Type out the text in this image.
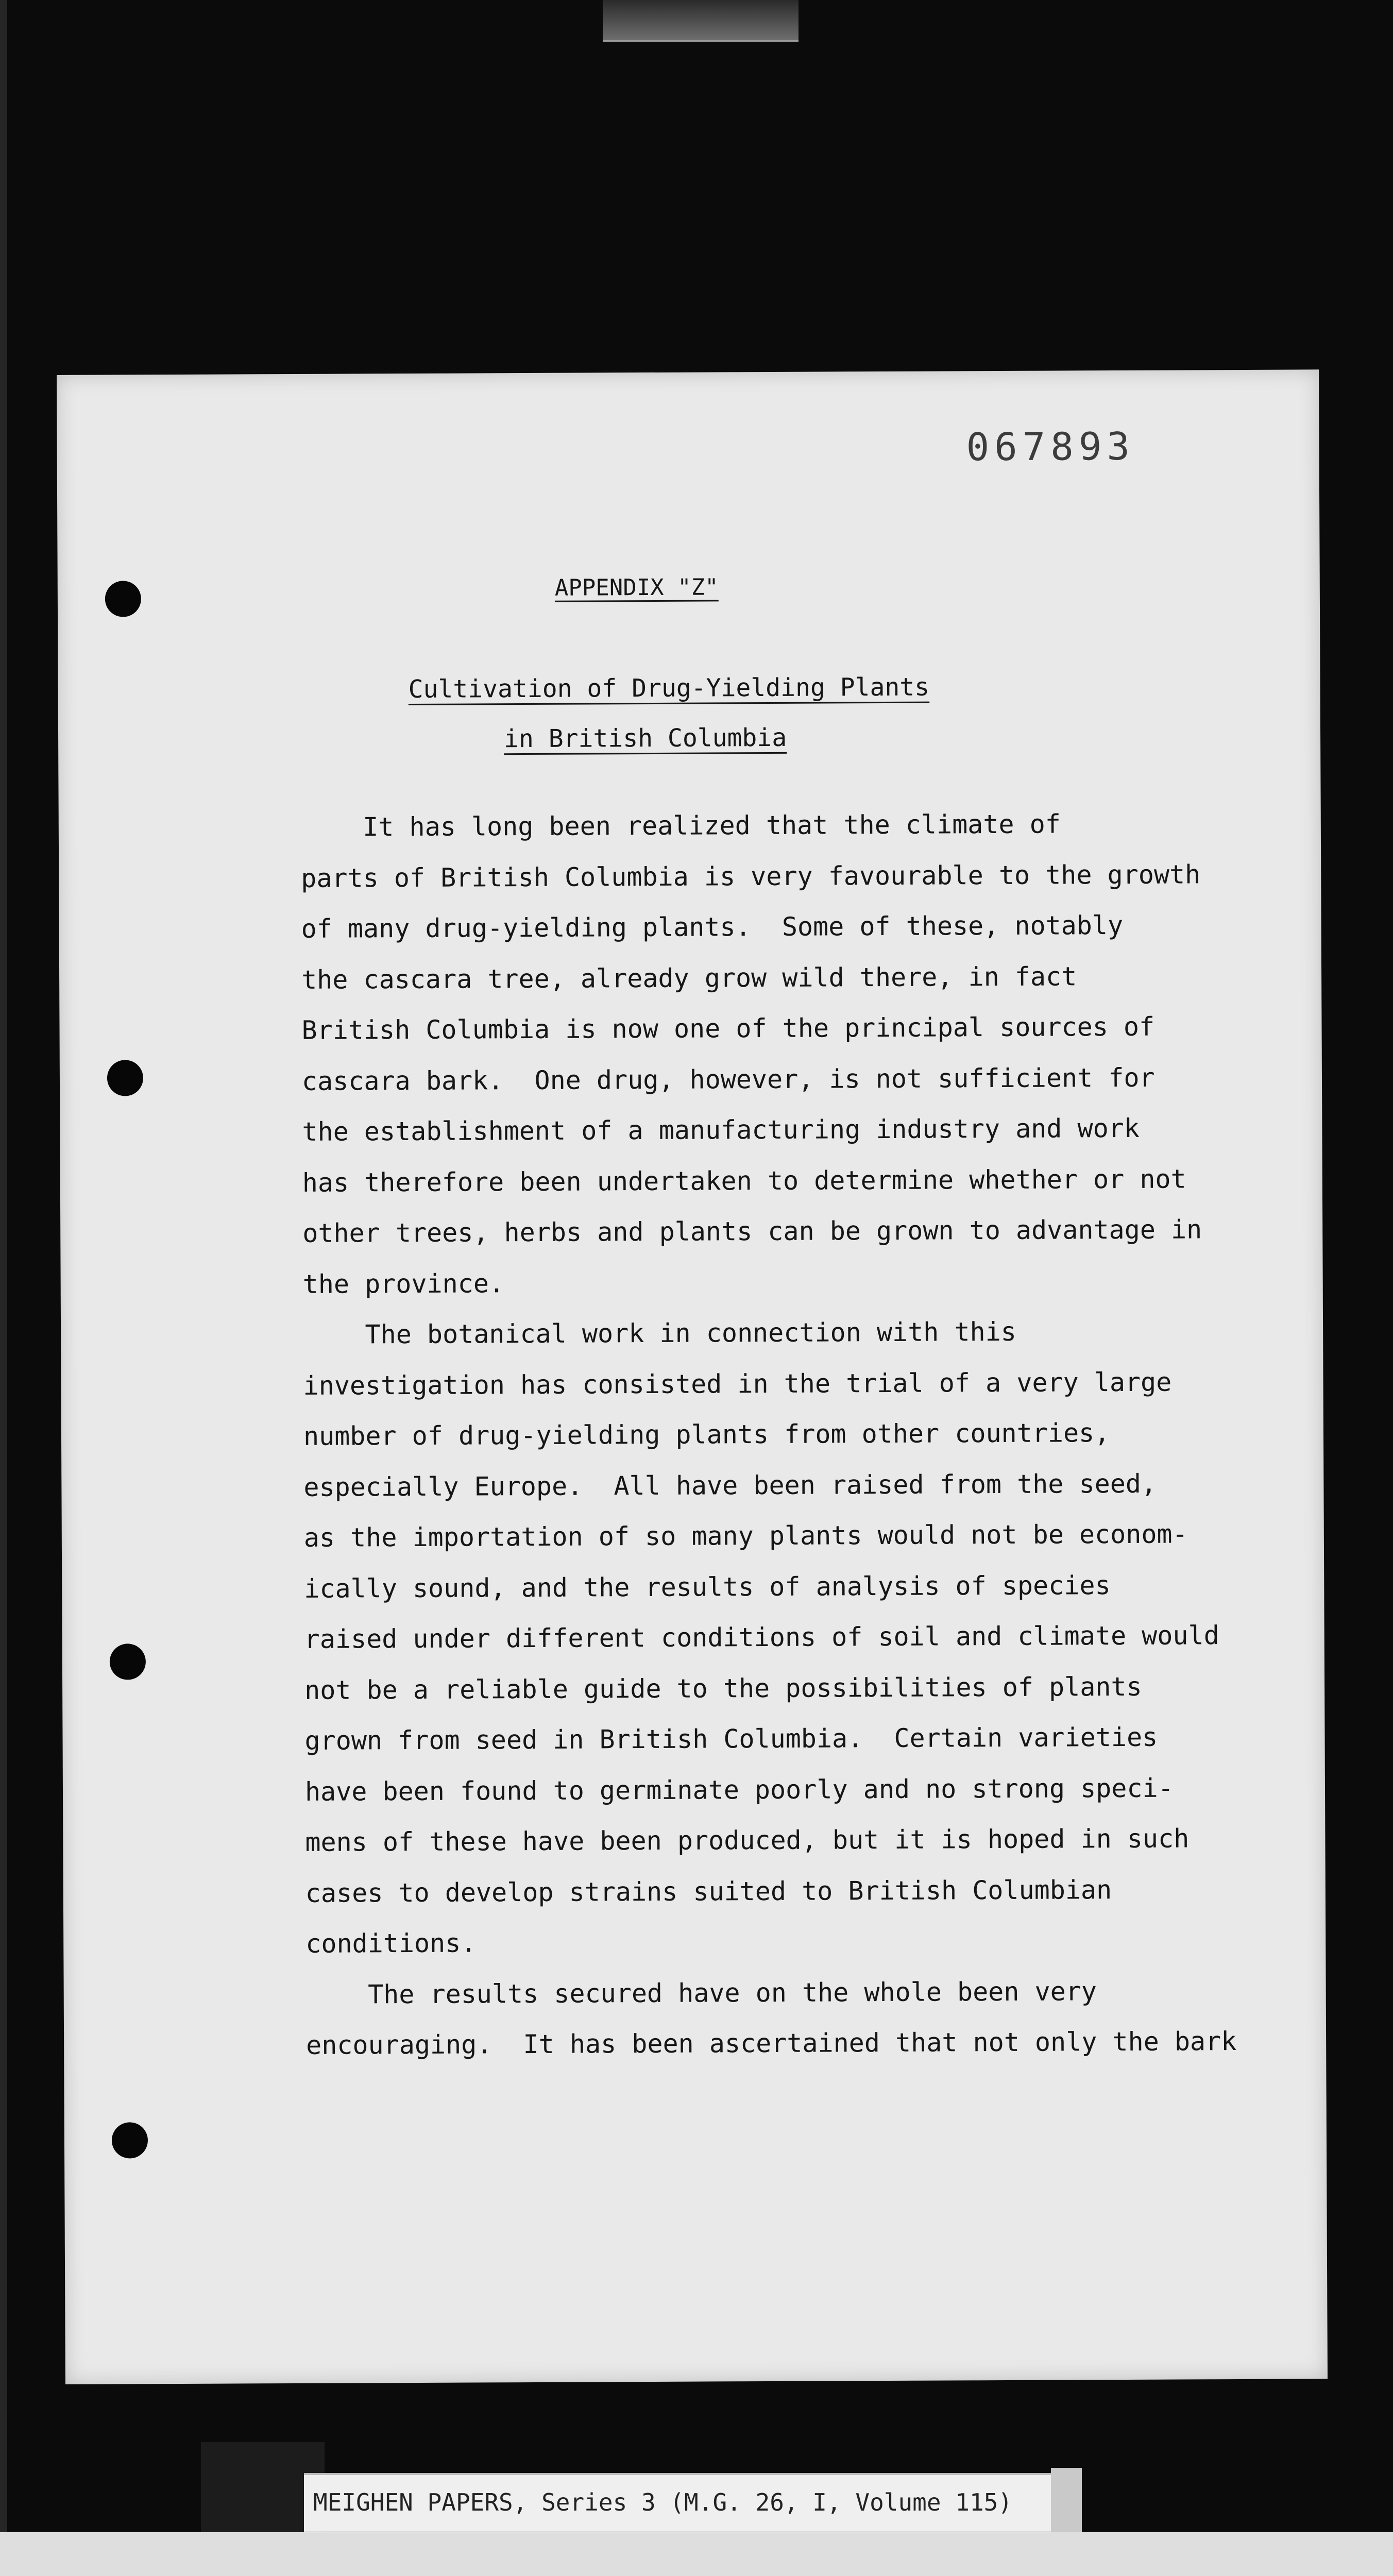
067893
APPENDIX "Z"
Cultivation of Drug-Yielding Plants
in British Columbia
It has long been realized that the climate of
parts of British Columbia is very favourable to the growth
of many drug-yielding plants.  Some of these, notably
the cascara tree, already grow wild there, in fact
British Columbia is now one of the principal sources of
cascara bark.  One drug, however, is not sufficient for
the establishment of a manufacturing industry and work
has therefore been undertaken to determine whether or not
other trees, herbs and plants can be grown to advantage in
the province.
The botanical work in connection with this
investigation has consisted in the trial of a very large
number of drug-yielding plants from other countries,
especially Europe.  All have been raised from the seed,
as the importation of so many plants would not be econom-
ically sound, and the results of analysis of species
raised under different conditions of soil and climate would
not be a reliable guide to the possibilities of plants
grown from seed in British Columbia.  Certain varieties
have been found to germinate poorly and no strong speci-
mens of these have been produced, but it is hoped in such
cases to develop strains suited to British Columbian
conditions.
The results secured have on the whole been very
encouraging.  It has been ascertained that not only the bark
MEIGHEN PAPERS, Series 3 (M.G. 26, I, Volume 115)
